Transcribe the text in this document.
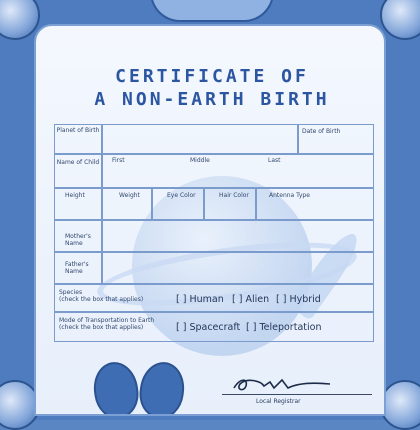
CERTIFICATE OF
A NON-EARTH BIRTH
Planet of Birth	Date of Birth
Name of Child	First	Middle	Last
Height	Weight	Eye Color	Hair Color	Antenna Type
Mother's Name
Father's Name
Species
(check the box that applies)	[ ] Human [ ] Alien [ ] Hybrid
Mode of Transportation to Earth
(check the box that applies)	[ ] Spacecraft [ ] Teleportation
Local Registrar
